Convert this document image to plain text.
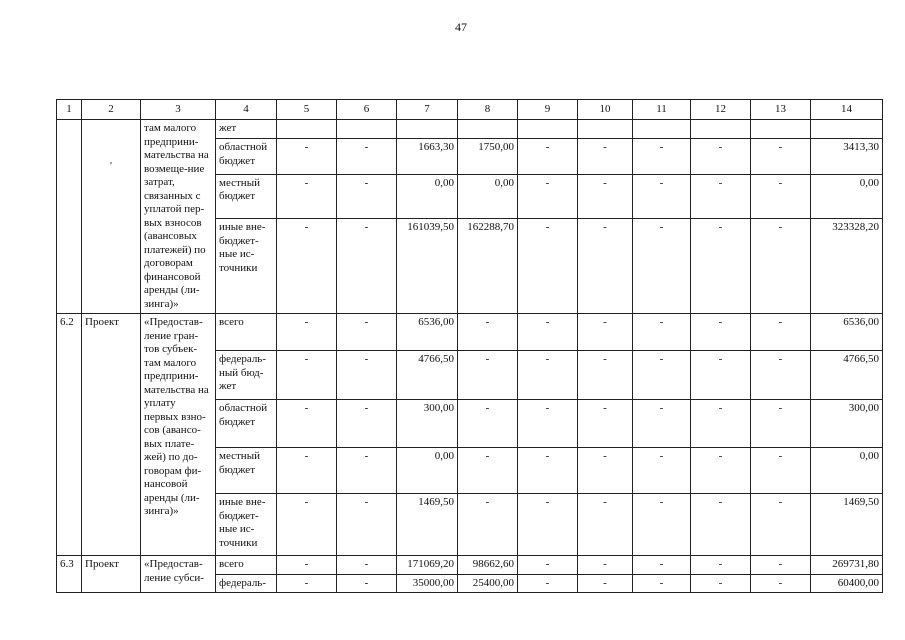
47
1	2	3	4	5	6	7	8	9	10	11	12	13	14

	'	там малого предприни-мательства на возмеще-ние затрат, связанных с уплатой пер-вых взносов (авансовых платежей) по договорам финансовой аренды (ли-зинга)»	жет										
			областной бюджет	-	-	1663,30	1750,00	-	-	-	-	-	3413,30
			местный бюджет	-	-	0,00	0,00	-	-	-	-	-	0,00
			иные вне-бюджет-ные ис-точники	-	-	161039,50	162288,70	-	-	-	-	-	323328,20
6.2	Проект	«Предостав-ление гран-тов субъек-там малого предприни-мательства на уплату первых взно-сов (авансо-вых плате-жей) по до-говорам фи-нансовой аренды (ли-зинга)»	всего	-	-	6536,00	-	-	-	-	-	-	6536,00
			федераль-ный бюд-жет	-	-	4766,50	-	-	-	-	-	-	4766,50
			областной бюджет	-	-	300,00	-	-	-	-	-	-	300,00
			местный бюджет	-	-	0,00	-	-	-	-	-	-	0,00
			иные вне-бюджет-ные ис-точники	-	-	1469,50	-	-	-	-	-	-	1469,50
6.3	Проект	«Предостав-ление субси-	всего	-	-	171069,20	98662,60	-	-	-	-	-	269731,80
			федераль-	-	-	35000,00	25400,00	-	-	-	-	-	60400,00
